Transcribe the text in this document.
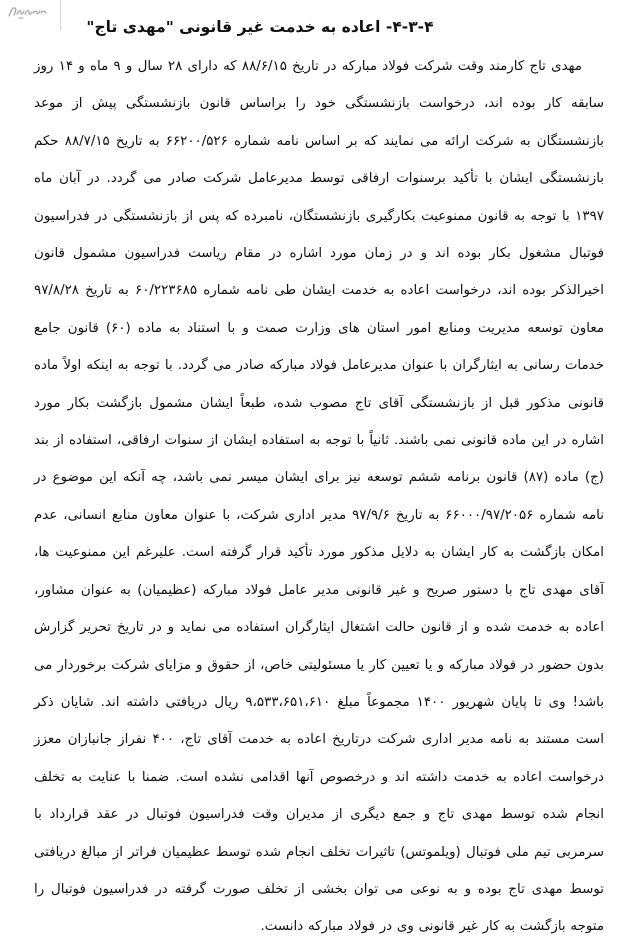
۴-۳-۴- اعاده به خدمت غیر قانونی "مهدی تاج"

مهدی تاج کارمند وقت شرکت فولاد مبارکه در تاریخ ۸۸/۶/۱۵ که دارای ۲۸ سال و ۹ ماه و ۱۴ روز سابقه کار بوده اند، درخواست بازنشستگی خود را براساس قانون بازنشستگی پیش از موعد بازنشستگان به شرکت ارائه می نمایند که بر اساس نامه شماره ۶۶۲۰۰/۵۲۶ به تاریخ ۸۸/۷/۱۵ حکم بازنشستگی ایشان با تأکید برسنوات ارفاقی توسط مدیرعامل شرکت صادر می گردد. در آبان ماه ۱۳۹۷ با توجه به قانون ممنوعیت بکارگیری بازنشستگان، نامبرده که پس از بازنشستگی در فدراسیون فوتبال مشغول بکار بوده اند و در زمان مورد اشاره در مقام ریاست فدراسیون مشمول قانون اخیرالذکر بوده اند، درخواست اعاده به خدمت ایشان طی نامه شماره ۶۰/۲۲۳۶۸۵ به تاریخ ۹۷/۸/۲۸ معاون توسعه مدیریت ومنابع امور استان های وزارت صمت و با استناد به ماده (۶۰) قانون جامع خدمات رسانی به ایثارگران با عنوان مدیرعامل فولاد مبارکه صادر می گردد. با توجه به اینکه اولاً ماده قانونی مذکور قبل از بازنشستگی آقای تاج مصوب شده، طبعاً ایشان مشمول بازگشت بکار مورد اشاره در این ماده قانونی نمی باشند. ثانیاً با توجه به استفاده ایشان از سنوات ارفاقی، استفاده از بند (ج) ماده (۸۷) قانون برنامه ششم توسعه نیز برای ایشان میسر نمی باشد، چه آنکه این موضوع در نامه شماره ۶۶۰۰۰/۹۷/۲۰۵۶ به تاریخ ۹۷/۹/۶ مدیر اداری شرکت، با عنوان معاون منابع انسانی، عدم امکان بازگشت به کار ایشان به دلایل مذکور مورد تأکید قرار گرفته است. علیرغم این ممنوعیت ها، آقای مهدی تاج با دستور صریح و غیر قانونی مدیر عامل فولاد مبارکه (عظیمیان) به عنوان مشاور، اعاده به خدمت شده و از قانون حالت اشتغال ایثارگران استفاده می نماید و در تاریخ تحریر گزارش بدون حضور در فولاد مبارکه و یا تعیین کار یا مسئولیتی خاص، از حقوق و مزایای شرکت برخوردار می باشد! وی تا پایان شهریور ۱۴۰۰ مجموعاً مبلغ ۹،۵۳۳،۶۵۱،۶۱۰ ریال دریافتی داشته اند. شایان ذکر است مستند به نامه مدیر اداری شرکت درتاریخ اعاده به خدمت آقای تاج، ۴۰۰ نفراز جانبازان معزز درخواست اعاده به خدمت داشته اند و درخصوص آنها اقدامی نشده است. ضمنا با عنایت به تخلف انجام شده توسط مهدی تاج و جمع دیگری از مدیران وقت فدراسیون فوتبال در عقد قرارداد با سرمربی تیم ملی فوتبال (ویلموتس) تاثیرات تخلف انجام شده توسط عظیمیان فراتر از مبالغ دریافتی توسط مهدی تاج بوده و به نوعی می توان بخشی از تخلف صورت گرفته در فدراسیون فوتبال را متوجه بازگشت به کار غیر قانونی وی در فولاد مبارکه دانست.
